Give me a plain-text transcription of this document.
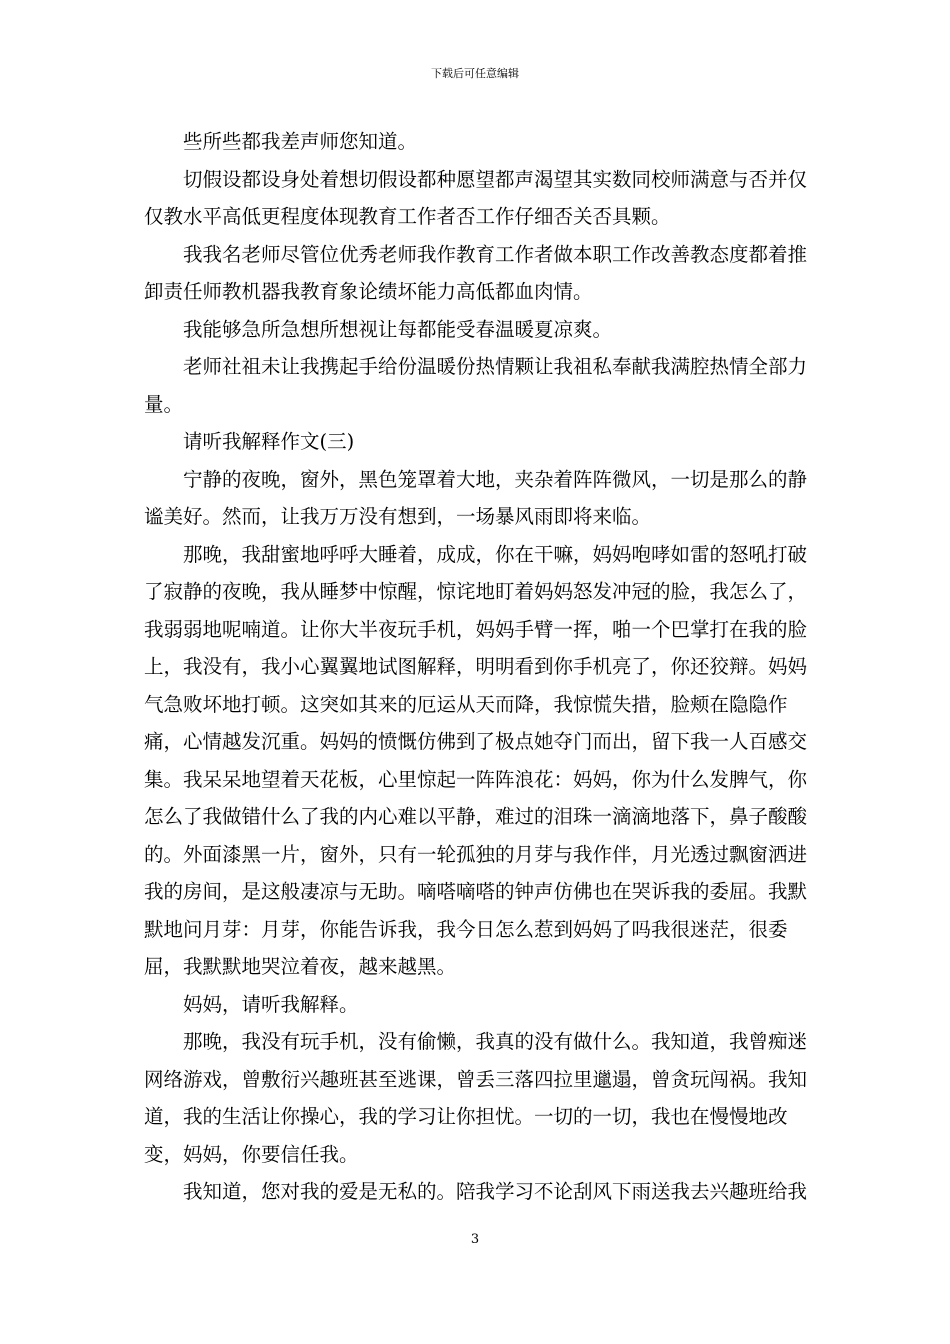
下载后可任意编辑

些所些都我差声师您知道。

切假设都设身处着想切假设都种愿望都声渴望其实数同校师满意与否并仅仅教水平高低更程度体现教育工作者否工作仔细否关否具颗。

我我名老师尽管位优秀老师我作教育工作者做本职工作改善教态度都着推卸责任师教机器我教育象论绩坏能力高低都血肉情。

我能够急所急想所想视让每都能受春温暖夏凉爽。

老师社祖未让我携起手给份温暖份热情颗让我祖私奉献我满腔热情全部力量。

请听我解释作文(三)

宁静的夜晚，窗外，黑色笼罩着大地，夹杂着阵阵微风，一切是那么的静谧美好。然而，让我万万没有想到，一场暴风雨即将来临。

那晚，我甜蜜地呼呼大睡着，成成，你在干嘛，妈妈咆哮如雷的怒吼打破了寂静的夜晚，我从睡梦中惊醒，惊诧地盯着妈妈怒发冲冠的脸，我怎么了，我弱弱地呢喃道。让你大半夜玩手机，妈妈手臂一挥，啪一个巴掌打在我的脸上，我没有，我小心翼翼地试图解释，明明看到你手机亮了，你还狡辩。妈妈气急败坏地打顿。这突如其来的厄运从天而降，我惊慌失措，脸颊在隐隐作痛，心情越发沉重。妈妈的愤慨仿佛到了极点她夺门而出，留下我一人百感交集。我呆呆地望着天花板，心里惊起一阵阵浪花：妈妈，你为什么发脾气，你怎么了我做错什么了我的内心难以平静，难过的泪珠一滴滴地落下，鼻子酸酸的。外面漆黑一片，窗外，只有一轮孤独的月芽与我作伴，月光透过飘窗洒进我的房间，是这般凄凉与无助。嘀嗒嘀嗒的钟声仿佛也在哭诉我的委屈。我默默地问月芽：月芽，你能告诉我，我今日怎么惹到妈妈了吗我很迷茫，很委屈，我默默地哭泣着夜，越来越黑。

妈妈，请听我解释。

那晚，我没有玩手机，没有偷懒，我真的没有做什么。我知道，我曾痴迷网络游戏，曾敷衍兴趣班甚至逃课，曾丢三落四拉里邋遢，曾贪玩闯祸。我知道，我的生活让你操心，我的学习让你担忧。一切的一切，我也在慢慢地改变，妈妈，你要信任我。

我知道，您对我的爱是无私的。陪我学习不论刮风下雨送我去兴趣班给我

3
